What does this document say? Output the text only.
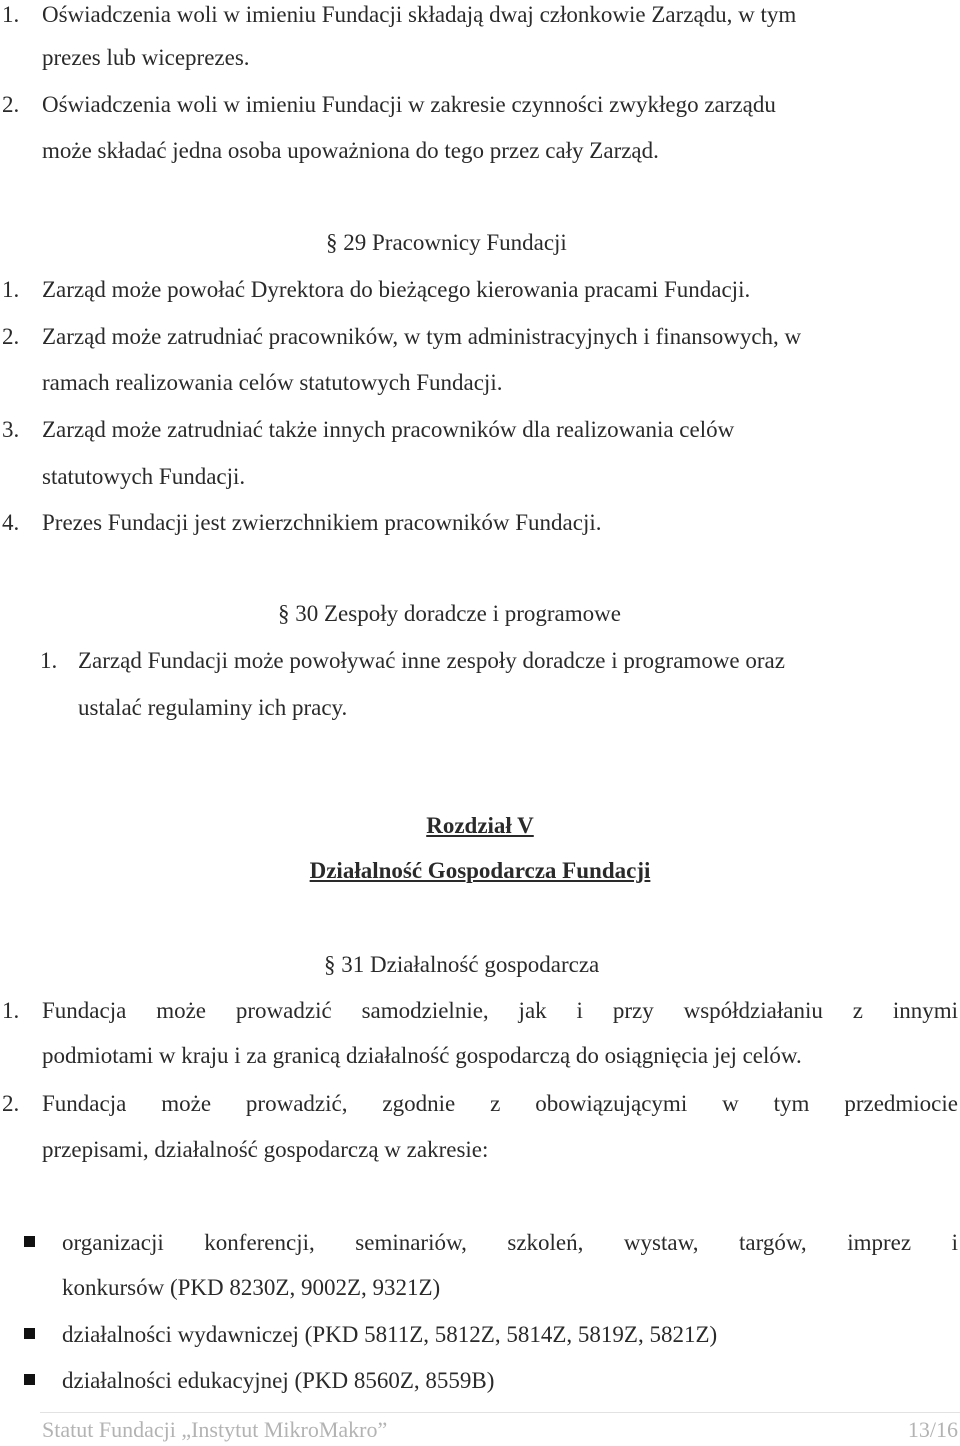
1. Oświadczenia woli w imieniu Fundacji składają dwaj członkowie Zarządu, w tym
prezes lub wiceprezes.
2. Oświadczenia woli w imieniu Fundacji w zakresie czynności zwykłego zarządu
może składać jedna osoba upoważniona do tego przez cały Zarząd.
§ 29 Pracownicy Fundacji
1. Zarząd może powołać Dyrektora do bieżącego kierowania pracami Fundacji.
2. Zarząd może zatrudniać pracowników, w tym administracyjnych i finansowych, w
ramach realizowania celów statutowych Fundacji.
3. Zarząd może zatrudniać także innych pracowników dla realizowania celów
statutowych Fundacji.
4. Prezes Fundacji jest zwierzchnikiem pracowników Fundacji.
§ 30 Zespoły doradcze i programowe
1. Zarząd Fundacji może powoływać inne zespoły doradcze i programowe oraz
ustalać regulaminy ich pracy.
Rozdział V
Działalność Gospodarcza Fundacji
§ 31 Działalność gospodarcza
1. Fundacja może prowadzić samodzielnie, jak i przy współdziałaniu z innymi
podmiotami w kraju i za granicą działalność gospodarczą do osiągnięcia jej celów.
2. Fundacja może prowadzić, zgodnie z obowiązującymi w tym przedmiocie
przepisami, działalność gospodarczą w zakresie:
organizacji konferencji, seminariów, szkoleń, wystaw, targów, imprez i
konkursów (PKD 8230Z, 9002Z, 9321Z)
działalności wydawniczej (PKD 5811Z, 5812Z, 5814Z, 5819Z, 5821Z)
działalności edukacyjnej (PKD 8560Z, 8559B)
Statut Fundacji „Instytut MikroMakro”	13/16
